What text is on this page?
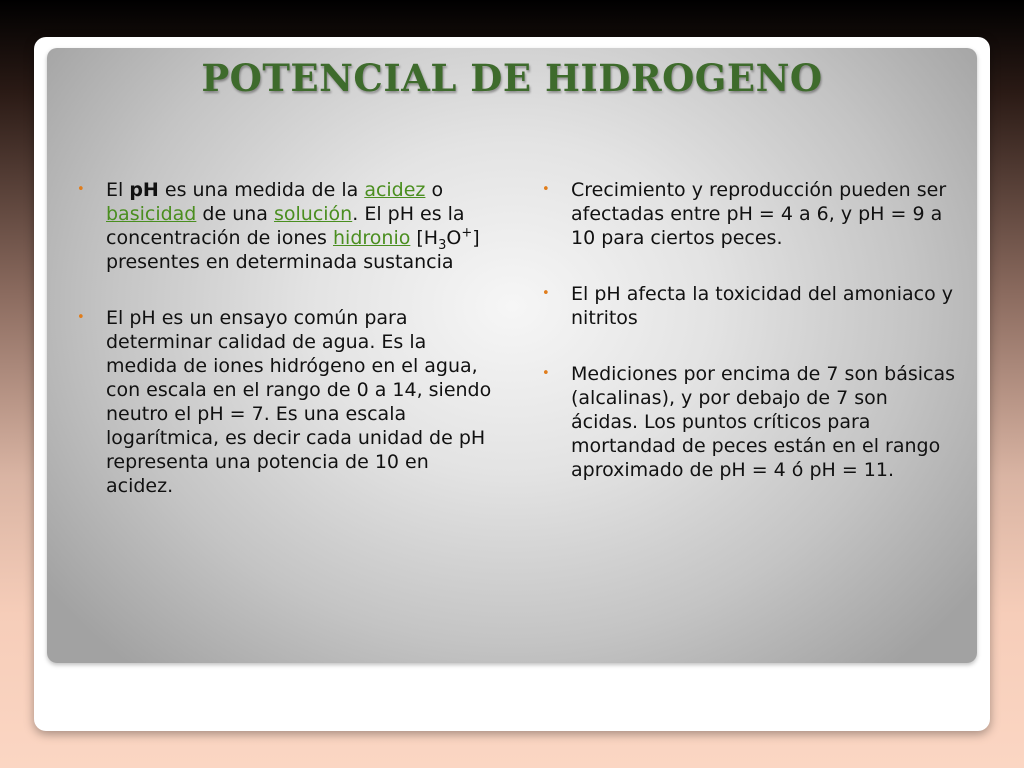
POTENCIAL DE HIDROGENO
• El pH es una medida de la acidez o basicidad de una solución. El pH es la concentración de iones hidronio $[H_3O^+]$ presentes en determinada sustancia
• El pH es un ensayo común para determinar calidad de agua. Es la medida de iones hidrógeno en el agua, con escala en el rango de 0 a 14, siendo neutro el pH = 7. Es una escala logarítmica, es decir cada unidad de pH representa una potencia de 10 en acidez.
• Crecimiento y reproducción pueden ser afectadas entre pH = 4 a 6, y pH = 9 a 10 para ciertos peces.
• El pH afecta la toxicidad del amoniaco y nitritos
• Mediciones por encima de 7 son básicas (alcalinas), y por debajo de 7 son ácidas. Los puntos críticos para mortandad de peces están en el rango aproximado de pH = 4 ó pH = 11.
